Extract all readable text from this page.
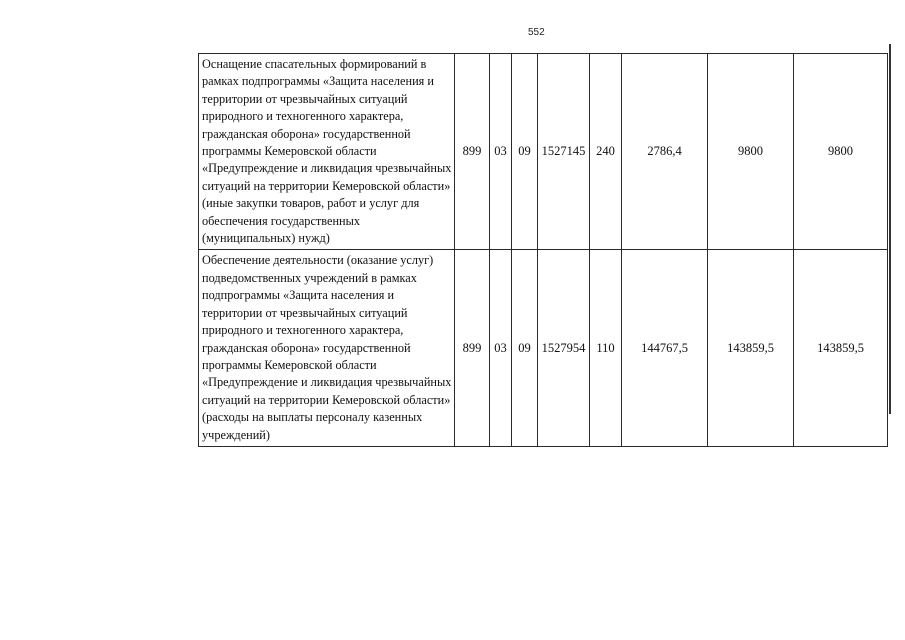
552
Оснащение спасательных формирований в рамках подпрограммы «Защита населения и территории от чрезвычайных ситуаций природного и техногенного характера, гражданская оборона» государственной программы Кемеровской области «Предупреждение и ликвидация чрезвычайных ситуаций на территории Кемеровской области» (иные закупки товаров, работ и услуг для обеспечения государственных (муниципальных) нужд)	899	03	09	1527145	240	2786,4	9800	9800
Обеспечение деятельности (оказание услуг) подведомственных учреждений в рамках подпрограммы «Защита населения и территории от чрезвычайных ситуаций природного и техногенного характера, гражданская оборона» государственной программы Кемеровской области «Предупреждение и ликвидация чрезвычайных ситуаций на территории Кемеровской области» (расходы на выплаты персоналу казенных учреждений)	899	03	09	1527954	110	144767,5	143859,5	143859,5
